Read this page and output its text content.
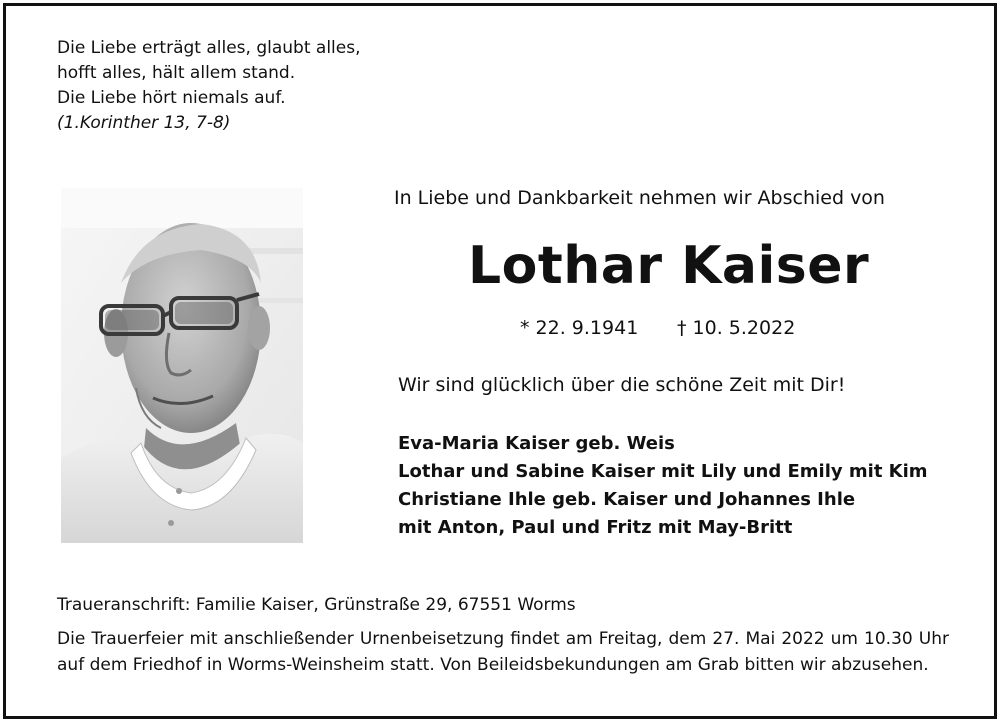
Die Liebe erträgt alles, glaubt alles,
hofft alles, hält allem stand.
Die Liebe hört niemals auf.
(1.Korinther 13, 7-8)
In Liebe und Dankbarkeit nehmen wir Abschied von
Lothar Kaiser
* 22. 9.1941 † 10. 5.2022
Wir sind glücklich über die schöne Zeit mit Dir!
Eva-Maria Kaiser geb. Weis
Lothar und Sabine Kaiser mit Lily und Emily mit Kim
Christiane Ihle geb. Kaiser und Johannes Ihle
mit Anton, Paul und Fritz mit May-Britt
Traueranschrift: Familie Kaiser, Grünstraße 29, 67551 Worms
Die Trauerfeier mit anschließender Urnenbeisetzung findet am Freitag, dem 27. Mai 2022 um 10.30 Uhr auf dem Friedhof in Worms-Weinsheim statt. Von Beileidsbekundungen am Grab bitten wir abzusehen.
